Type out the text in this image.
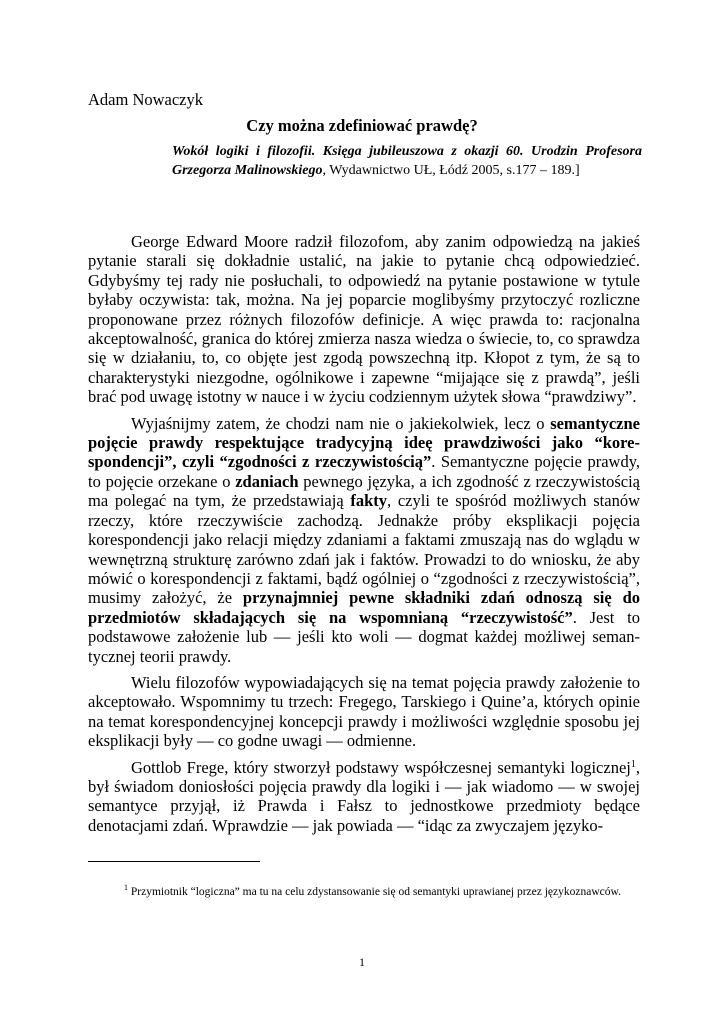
Adam Nowaczyk
Czy można zdefiniować prawdę?
Wokół logiki i filozofii. Księga jubileuszowa z okazji 60. Urodzin Profesora Grzegorza Malinowskiego, Wydawnictwo UŁ, Łódź 2005, s.177 – 189.]

George Edward Moore radził filozofom, aby zanim odpowiedzą na jakieś pytanie starali się dokładnie ustalić, na jakie to pytanie chcą odpowiedzieć. Gdybyśmy tej rady nie posłuchali, to odpowiedź na pytanie postawione w tytule byłaby oczywista: tak, można. Na jej poparcie moglibyśmy przytoczyć rozliczne proponowane przez różnych filozofów definicje. A więc prawda to: racjonalna akceptowalność, granica do której zmierza nasza wiedza o świecie, to, co sprawdza się w działaniu, to, co objęte jest zgodą powszechną itp. Kłopot z tym, że są to charakterystyki niezgodne, ogólnikowe i zapewne “mijające się z prawdą”, jeśli brać pod uwagę istotny w nauce i w życiu codziennym użytek słowa “prawdziwy”.

Wyjaśnijmy zatem, że chodzi nam nie o jakiekolwiek, lecz o semantyczne pojęcie prawdy respektujące tradycyjną ideę prawdziwości jako “korespondencji”, czyli “zgodności z rzeczywistością”. Semantyczne pojęcie prawdy, to pojęcie orzekane o zdaniach pewnego języka, a ich zgodność z rzeczywistością ma polegać na tym, że przedstawiają fakty, czyli te spośród możliwych stanów rzeczy, które rzeczywiście zachodzą. Jednakże próby eksplikacji pojęcia korespondencji jako relacji między zdaniami a faktami zmuszają nas do wglądu w wewnętrzną strukturę zarówno zdań jak i faktów. Prowadzi to do wniosku, że aby mówić o korespondencji z faktami, bądź ogólniej o “zgodności z rzeczywistością”, musimy założyć, że przynajmniej pewne składniki zdań odnoszą się do przedmiotów składających się na wspomnianą “rzeczywistość”. Jest to podstawowe założenie lub — jeśli kto woli — dogmat każdej możliwej semantycznej teorii prawdy.

Wielu filozofów wypowiadających się na temat pojęcia prawdy założenie to akceptowało. Wspomnimy tu trzech: Fregego, Tarskiego i Quine’a, których opinie na temat korespondencyjnej koncepcji prawdy i możliwości względnie sposobu jej eksplikacji były — co godne uwagi — odmienne.

Gottlob Frege, który stworzył podstawy współczesnej semantyki logicznej$^1$, był świadom doniosłości pojęcia prawdy dla logiki i — jak wiadomo — w swojej semantyce przyjął, iż Prawda i Fałsz to jednostkowe przedmioty będące denotacjami zdań. Wprawdzie — jak powiada — “idąc za zwyczajem języko-

$^1$ Przymiotnik “logiczna” ma tu na celu zdystansowanie się od semantyki uprawianej przez językoznawców.

1
